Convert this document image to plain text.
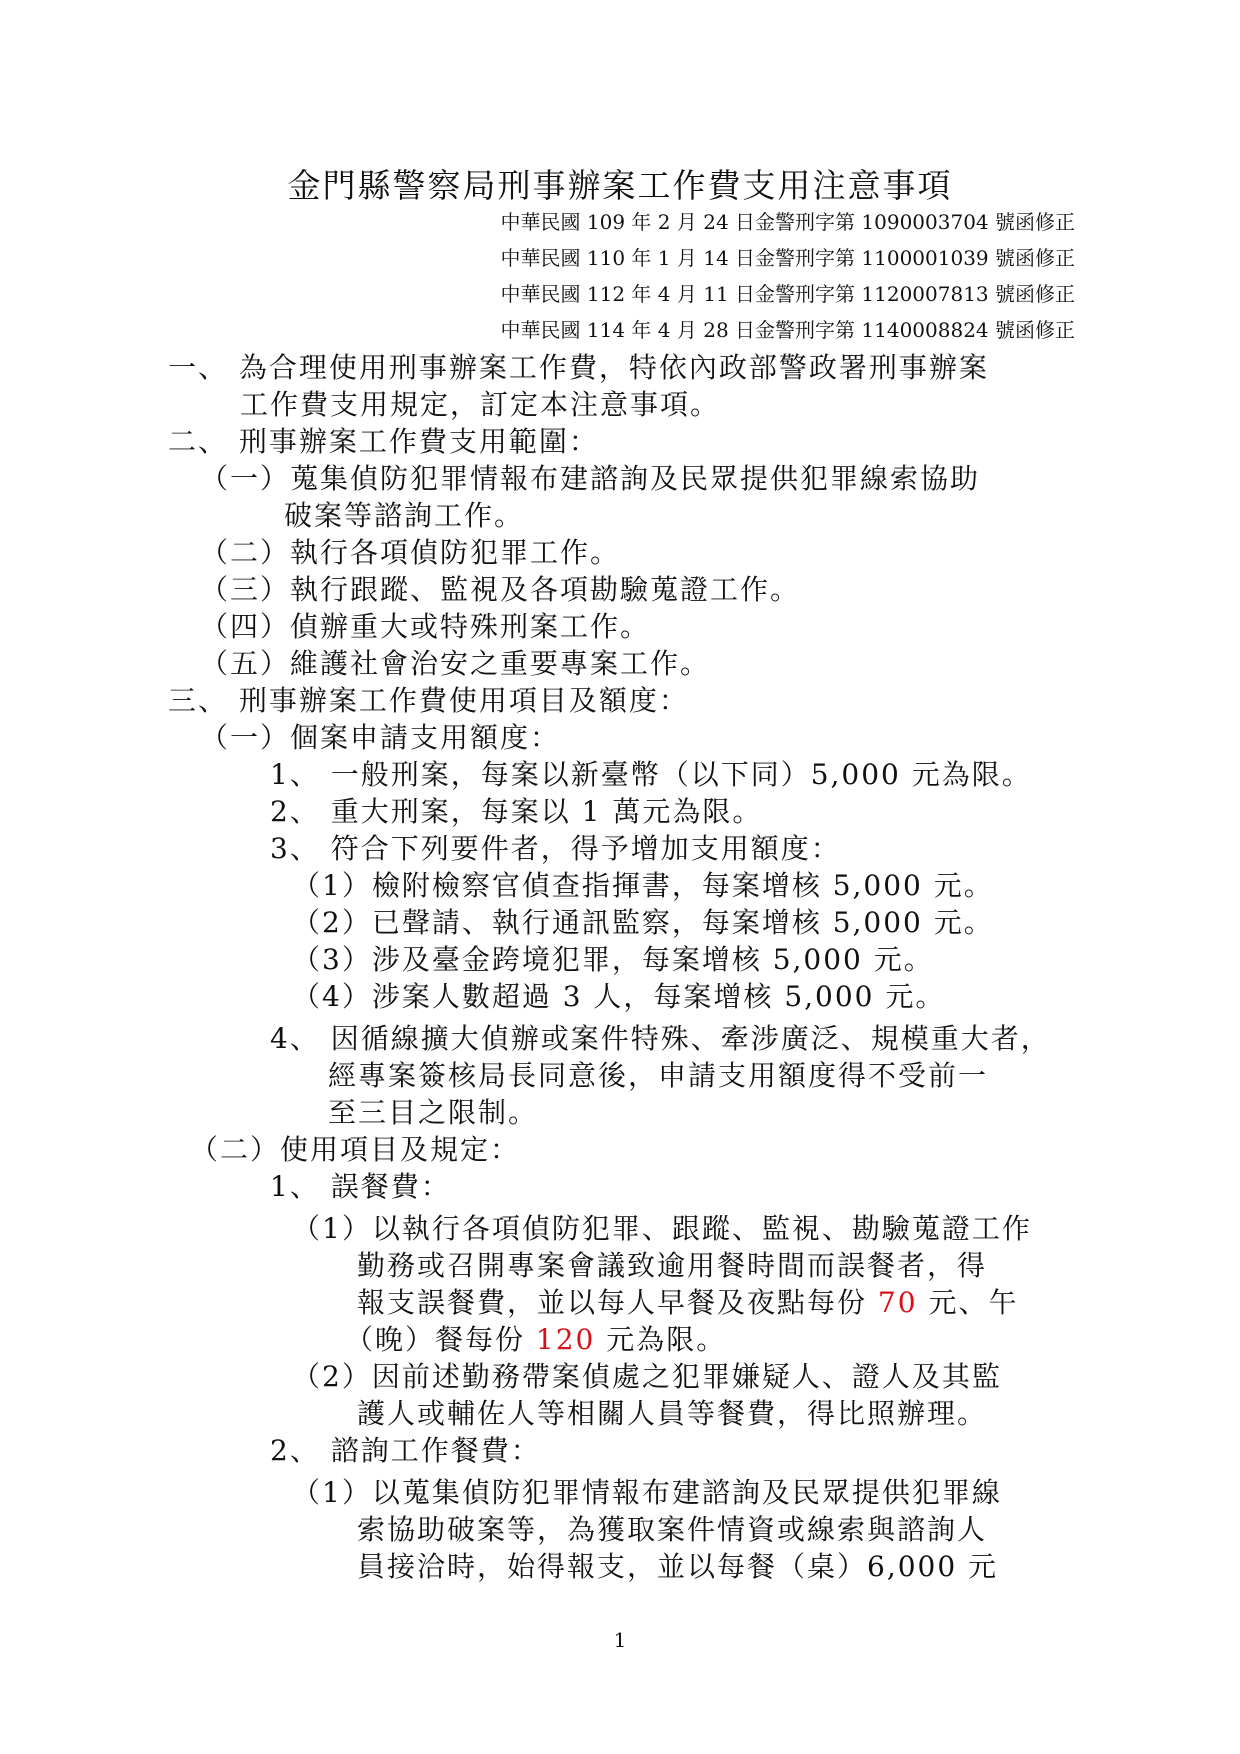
金門縣警察局刑事辦案工作費支用注意事項
中華民國 109 年 2 月 24 日金警刑字第 1090003704 號函修正
中華民國 110 年 1 月 14 日金警刑字第 1100001039 號函修正
中華民國 112 年 4 月 11 日金警刑字第 1120007813 號函修正
中華民國 114 年 4 月 28 日金警刑字第 1140008824 號函修正
一、 為合理使用刑事辦案工作費，特依內政部警政署刑事辦案
工作費支用規定，訂定本注意事項。
二、 刑事辦案工作費支用範圍：
（一）蒐集偵防犯罪情報布建諮詢及民眾提供犯罪線索協助
破案等諮詢工作。
（二）執行各項偵防犯罪工作。
（三）執行跟蹤、監視及各項勘驗蒐證工作。
（四）偵辦重大或特殊刑案工作。
（五）維護社會治安之重要專案工作。
三、 刑事辦案工作費使用項目及額度：
（一）個案申請支用額度：
1、 一般刑案，每案以新臺幣（以下同）5,000 元為限。
2、 重大刑案，每案以 1 萬元為限。
3、 符合下列要件者，得予增加支用額度：
（1）檢附檢察官偵查指揮書，每案增核 5,000 元。
（2）已聲請、執行通訊監察，每案增核 5,000 元。
（3）涉及臺金跨境犯罪，每案增核 5,000 元。
（4）涉案人數超過 3 人，每案增核 5,000 元。
4、 因循線擴大偵辦或案件特殊、牽涉廣泛、規模重大者，
經專案簽核局長同意後，申請支用額度得不受前一
至三目之限制。
（二）使用項目及規定：
1、 誤餐費：
（1）以執行各項偵防犯罪、跟蹤、監視、勘驗蒐證工作
勤務或召開專案會議致逾用餐時間而誤餐者，得
報支誤餐費，並以每人早餐及夜點每份 70 元、午
（晚）餐每份 120 元為限。
（2）因前述勤務帶案偵處之犯罪嫌疑人、證人及其監
護人或輔佐人等相關人員等餐費，得比照辦理。
2、 諮詢工作餐費：
（1）以蒐集偵防犯罪情報布建諮詢及民眾提供犯罪線
索協助破案等，為獲取案件情資或線索與諮詢人
員接洽時，始得報支，並以每餐（桌）6,000 元
1
